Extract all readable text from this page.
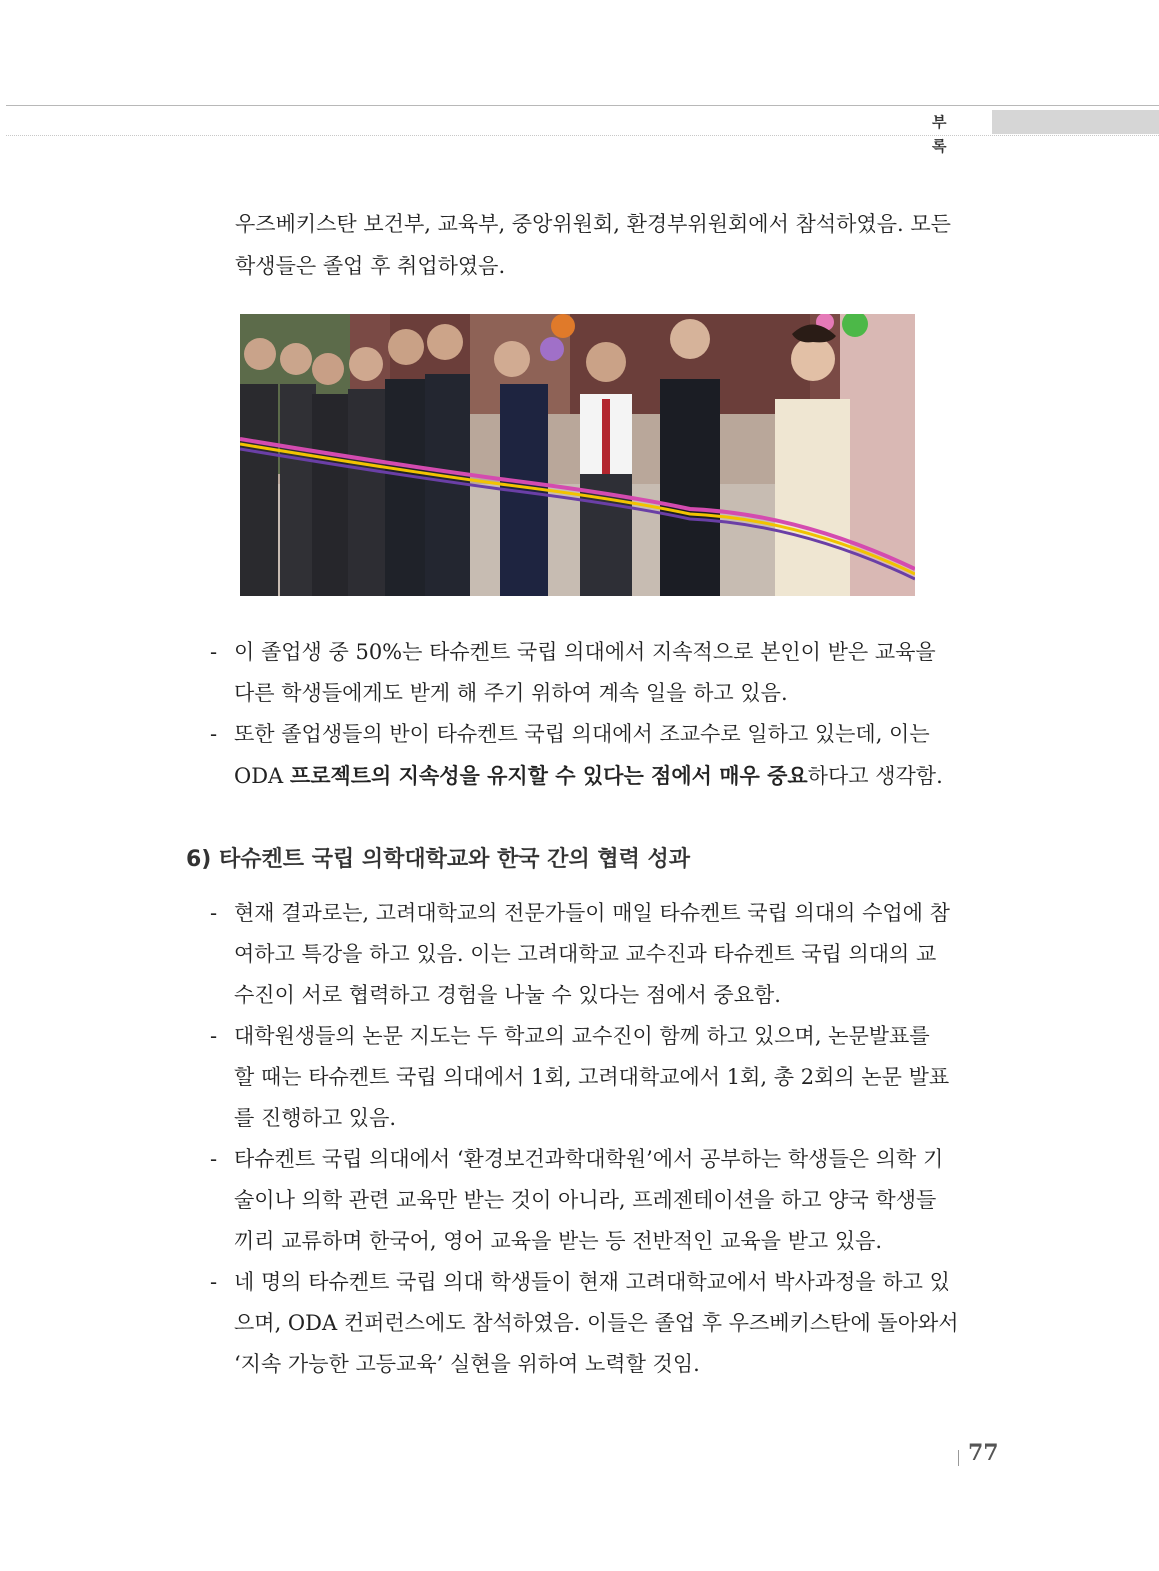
부 록
우즈베키스탄 보건부, 교육부, 중앙위원회, 환경부위원회에서 참석하였음. 모든
학생들은 졸업 후 취업하였음.
- 이 졸업생 중 50%는 타슈켄트 국립 의대에서 지속적으로 본인이 받은 교육을
다른 학생들에게도 받게 해 주기 위하여 계속 일을 하고 있음.
- 또한 졸업생들의 반이 타슈켄트 국립 의대에서 조교수로 일하고 있는데, 이는
ODA 프로젝트의 지속성을 유지할 수 있다는 점에서 매우 중요하다고 생각함.
6) 타슈켄트 국립 의학대학교와 한국 간의 협력 성과
- 현재 결과로는, 고려대학교의 전문가들이 매일 타슈켄트 국립 의대의 수업에 참
여하고 특강을 하고 있음. 이는 고려대학교 교수진과 타슈켄트 국립 의대의 교
수진이 서로 협력하고 경험을 나눌 수 있다는 점에서 중요함.
- 대학원생들의 논문 지도는 두 학교의 교수진이 함께 하고 있으며, 논문발표를
할 때는 타슈켄트 국립 의대에서 1회, 고려대학교에서 1회, 총 2회의 논문 발표
를 진행하고 있음.
- 타슈켄트 국립 의대에서 ‘환경보건과학대학원’에서 공부하는 학생들은 의학 기
술이나 의학 관련 교육만 받는 것이 아니라, 프레젠테이션을 하고 양국 학생들
끼리 교류하며 한국어, 영어 교육을 받는 등 전반적인 교육을 받고 있음.
- 네 명의 타슈켄트 국립 의대 학생들이 현재 고려대학교에서 박사과정을 하고 있
으며, ODA 컨퍼런스에도 참석하였음. 이들은 졸업 후 우즈베키스탄에 돌아와서
‘지속 가능한 고등교육’ 실현을 위하여 노력할 것임.
77
